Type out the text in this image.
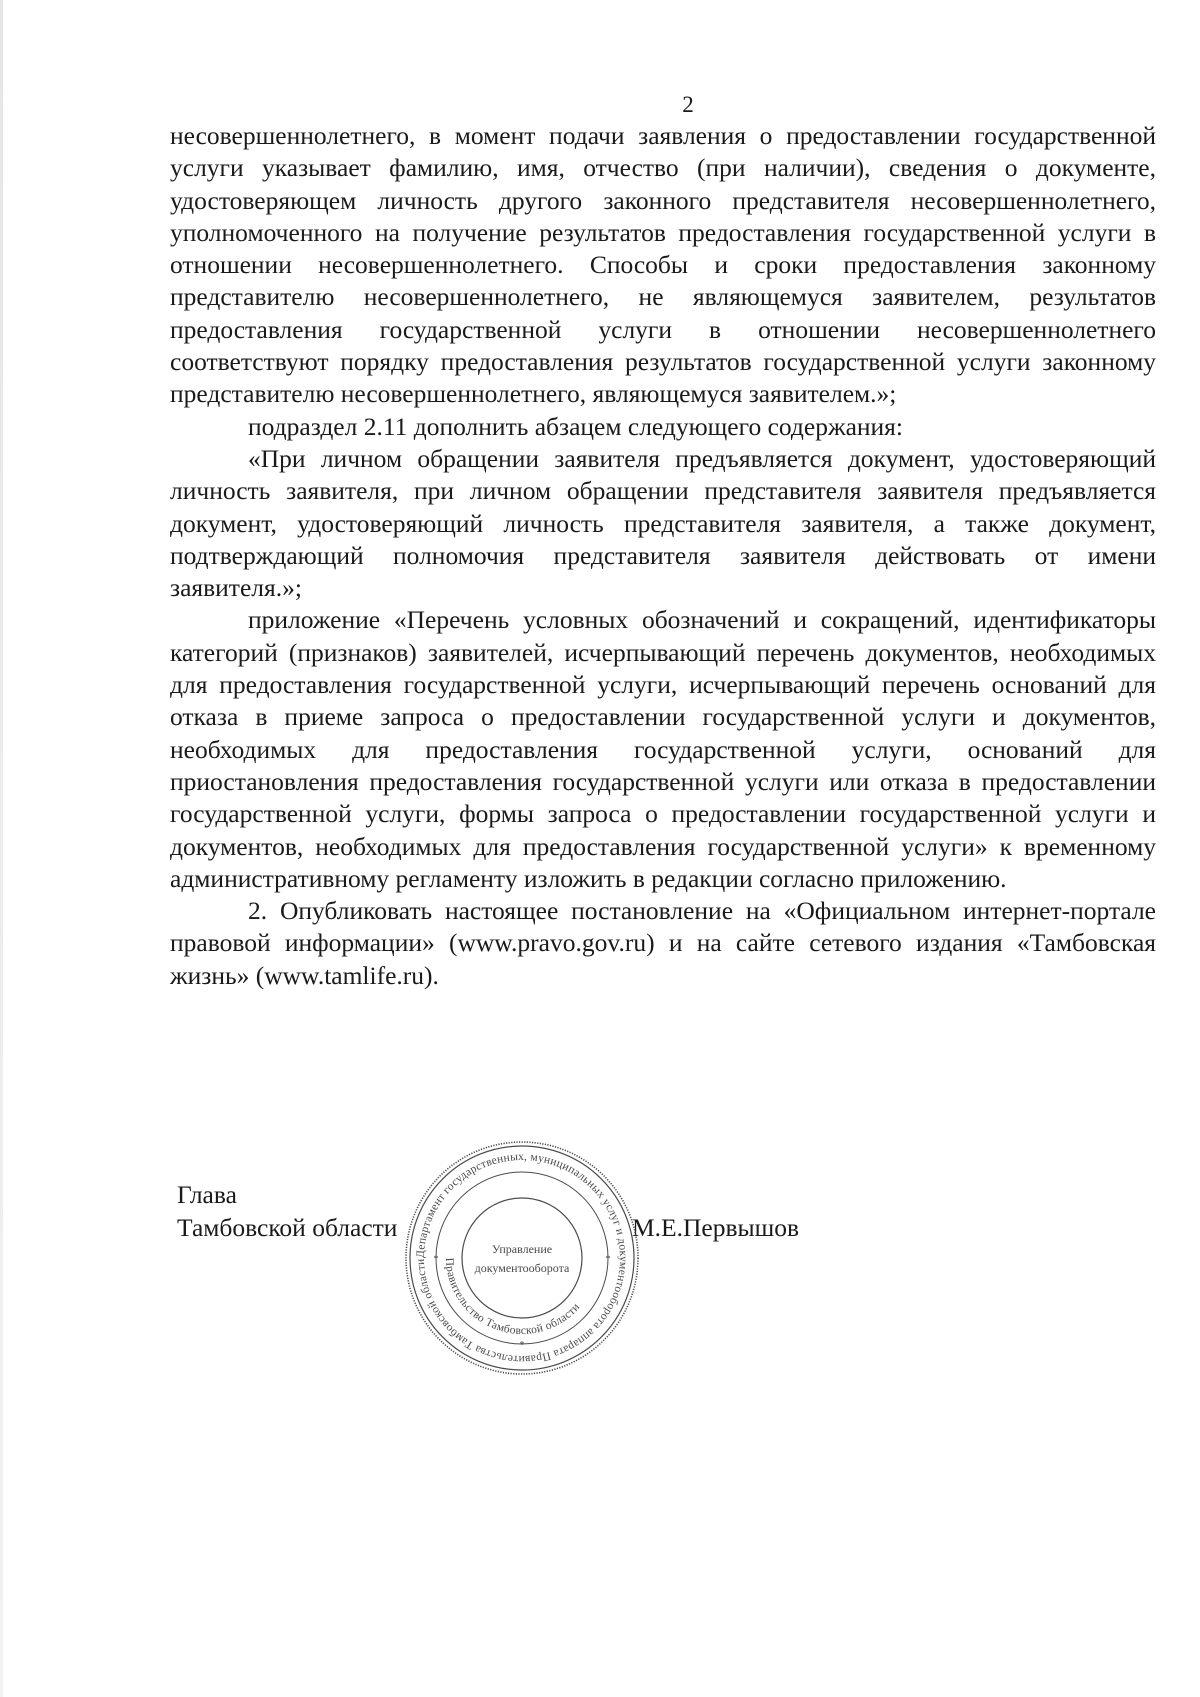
2

несовершеннолетнего, в момент подачи заявления о предоставлении государственной услуги указывает фамилию, имя, отчество (при наличии), сведения о документе, удостоверяющем личность другого законного представителя несовершеннолетнего, уполномоченного на получение результатов предоставления государственной услуги в отношении несовершеннолетнего. Способы и сроки предоставления законному представителю несовершеннолетнего, не являющемуся заявителем, результатов предоставления государственной услуги в отношении несовершеннолетнего соответствуют порядку предоставления результатов государственной услуги законному представителю несовершеннолетнего, являющемуся заявителем.»;

подраздел 2.11 дополнить абзацем следующего содержания:

«При личном обращении заявителя предъявляется документ, удостоверяющий личность заявителя, при личном обращении представителя заявителя предъявляется документ, удостоверяющий личность представителя заявителя, а также документ, подтверждающий полномочия представителя заявителя действовать от имени заявителя.»;

приложение «Перечень условных обозначений и сокращений, идентификаторы категорий (признаков) заявителей, исчерпывающий перечень документов, необходимых для предоставления государственной услуги, исчерпывающий перечень оснований для отказа в приеме запроса о предоставлении государственной услуги и документов, необходимых для предоставления государственной услуги, оснований для приостановления предоставления государственной услуги или отказа в предоставлении государственной услуги, формы запроса о предоставлении государственной услуги и документов, необходимых для предоставления государственной услуги» к временному административному регламенту изложить в редакции согласно приложению.

2. Опубликовать настоящее постановление на «Официальном интернет-портале правовой информации» (www.pravo.gov.ru) и на сайте сетевого издания «Тамбовская жизнь» (www.tamlife.ru).

Глава
Тамбовской области	М.Е.Первышов
Департамент государственных, муниципальных услуг и документооборота аппарата Правительства Тамбовской области	Правительство Тамбовской области
Управление
документооборота
*	*
*
